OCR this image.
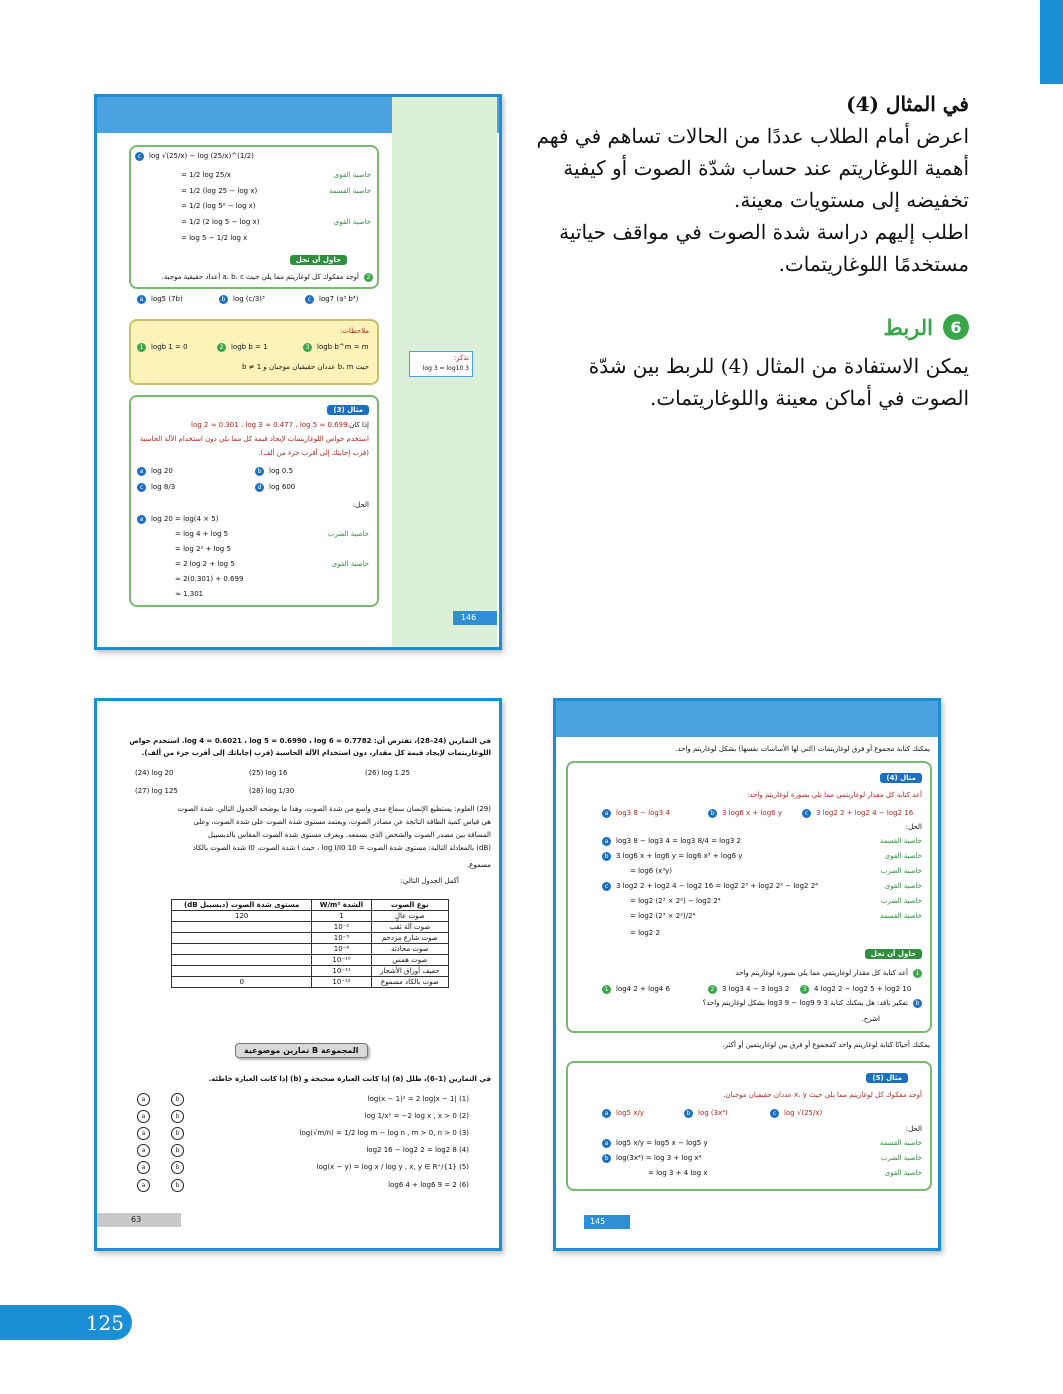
في المثال (4)
اعرض أمام الطلاب عددًا من الحالات تساهم في فهم أهمية اللوغاريتم عند حساب شدّة الصوت أو كيفية تخفيضه إلى مستويات معينة.
اطلب إليهم دراسة شدة الصوت في مواقف حياتية مستخدمًا اللوغاريتمات.
6
الربط
يمكن الاستفادة من المثال (4) للربط بين شدّة الصوت في أماكن معينة واللوغاريتمات.
تذكر:
log 3 = log10 3
c	log √(25/x) − log (25/x)^(1/2)
= 1/2 log 25/x
= 1/2 (log 25 − log x)
= 1/2 (log 5² − log x)
= 1/2 (2 log 5 − log x)
= log 5 − 1/2 log x
خاصية القوى
خاصية القسمة
خاصية القوى
حاول أن تحل
2
أوجد مفكوك كل لوغاريتم مما يلي حيث a، b، c أعداد حقيقية موجبة.
a	log5 (7b)	b	log (c/3)³	c	log7 (a³ b⁴)
ملاحظات:
1	logb 1 = 0	2	logb b = 1	3	logb b^m = m
حيث b، m عددان حقيقيان موجبان و b ≠ 1
مثال (3)
إذا كان:
log 2 ≈ 0.301 ، log 3 ≈ 0.477 ، log 5 ≈ 0.699
استخدم خواص اللوغاريتمات لإيجاد قيمة كل مما يلي دون استخدام الآلة الحاسبة
(قرب إجابتك إلى أقرب جزء من ألف).
a	log 20	b	log 0.5
c	log 8/3	d	log 600
الحل:
a	log 20 = log(4 × 5)
= log 4 + log 5
= log 2² + log 5
= 2 log 2 + log 5
≈ 2(0.301) + 0.699
≈ 1.301
خاصية الضرب
خاصية القوى
146
يمكنك كتابة مجموع أو فرق لوغاريتمات (التي لها الأساسات نفسها) بشكل لوغاريتم واحد.
مثال (4)
أعد كتابة كل مقدار لوغاريتمي مما يلي بصورة لوغاريتم واحد:
a	log3 8 − log3 4	b	3 log6 x + log6 y	c	3 log2 2 + log2 4 − log2 16
الحل:
a	log3 8 − log3 4 = log3 8/4 = log3 2
b	3 log6 x + log6 y = log6 x³ + log6 y
= log6 (x³y)
c	3 log2 2 + log2 4 − log2 16 = log2 2³ + log2 2² − log2 2⁴
= log2 (2³ × 2²) − log2 2⁴
= log2 (2³ × 2²)/2⁴
= log2 2
خاصية القسمة
خاصية القوى
خاصية الضرب
خاصية القوى
خاصية الضرب
خاصية القسمة
حاول أن تحل
1
أعد كتابة كل مقدار لوغاريتمي مما يلي بصورة لوغاريتم واحد
1	log4 2 + log4 6	2	3 log3 4 − 3 log3 2	3	4 log2 2 − log2 5 + log2 10
b
تفكير ناقد: هل يمكنك كتابة 3 log3 9 − log9 9 بشكل لوغاريتم واحد؟
اشرح.
يمكنك أحيانًا كتابة لوغاريتم واحد كمجموع أو فرق بين لوغاريتمين أو أكثر.
مثال (5)
أوجد مفكوك كل لوغاريتم مما يلي حيث x، y عددان حقيقيان موجبان.
a	log5 x/y	b	log (3x⁴)	c	log √(25/x)
الحل:
a	log5 x/y = log5 x − log5 y
b	log(3x⁴) = log 3 + log x⁴
= log 3 + 4 log x
خاصية القسمة
خاصية الضرب
خاصية القوى
145
في التمارين (24–28)، تفترض أن: log 4 ≈ 0.6021 ، log 5 ≈ 0.6990 ، log 6 ≈ 0.7782. استخدم خواص
اللوغاريتمات لإيجاد قيمة كل مقدار، دون استخدام الآلة الحاسبة (قرب إجاباتك إلى أقرب جزء من ألف).
(24) log 20	(25) log 16	(26) log 1.25
(27) log 125	(28) log 1/30
(29) العلوم: يستطيع الإنسان سماع مدى واسع من شدة الصوت، وهذا ما يوضحه الجدول التالي. شدة الصوت
هي قياس كمية الطاقة الناتجة عن مصادر الصوت، ويعتمد مستوى شدة الصوت على شدة الصوت، وعلى
المسافة بين مصدر الصوت والشخص الذي يسمعه. ويعرف مستوى شدة الصوت المقاس بالديسيبل
(dB) بالمعادلة التالية: مستوى شدة الصوت = 10 log I/I0 ، حيث I شدة الصوت، I0 شدة الصوت بالكاد
مسموع.
أكمل الجدول التالي:
نوع الصوت	الشدة W/m²	مستوى شدة الصوت (ديسيبل dB)
صوت عالٍ	1	120
صوت آلة ثقب	10⁻²	
صوت شارع مزدحم	10⁻⁵	
صوت محادثة	10⁻⁶	
صوت همس	10⁻¹⁰	
حفيف أوراق الأشجار	10⁻¹¹	
صوت بالكاد مسموع	10⁻¹²	0
المجموعة B تمارين موضوعية
في التمارين (1–6)، ظلل (a) إذا كانت العبارة صحيحة و (b) إذا كانت العبارة خاطئة.
log(x − 1)² = 2 log|x − 1| (1)
log 1/x² = −2 log x , x > 0 (2)
log(√m/n) = 1/2 log m − log n , m > 0, n > 0 (3)
log2 16 − log2 2 = log2 8 (4)
log(x − y) = log x / log y , x, y ∈ R⁺/{1} (5)
log6 4 + log6 9 = 2 (6)
a	b
a	b
a	b
a	b
a	b
a	b
63
125
